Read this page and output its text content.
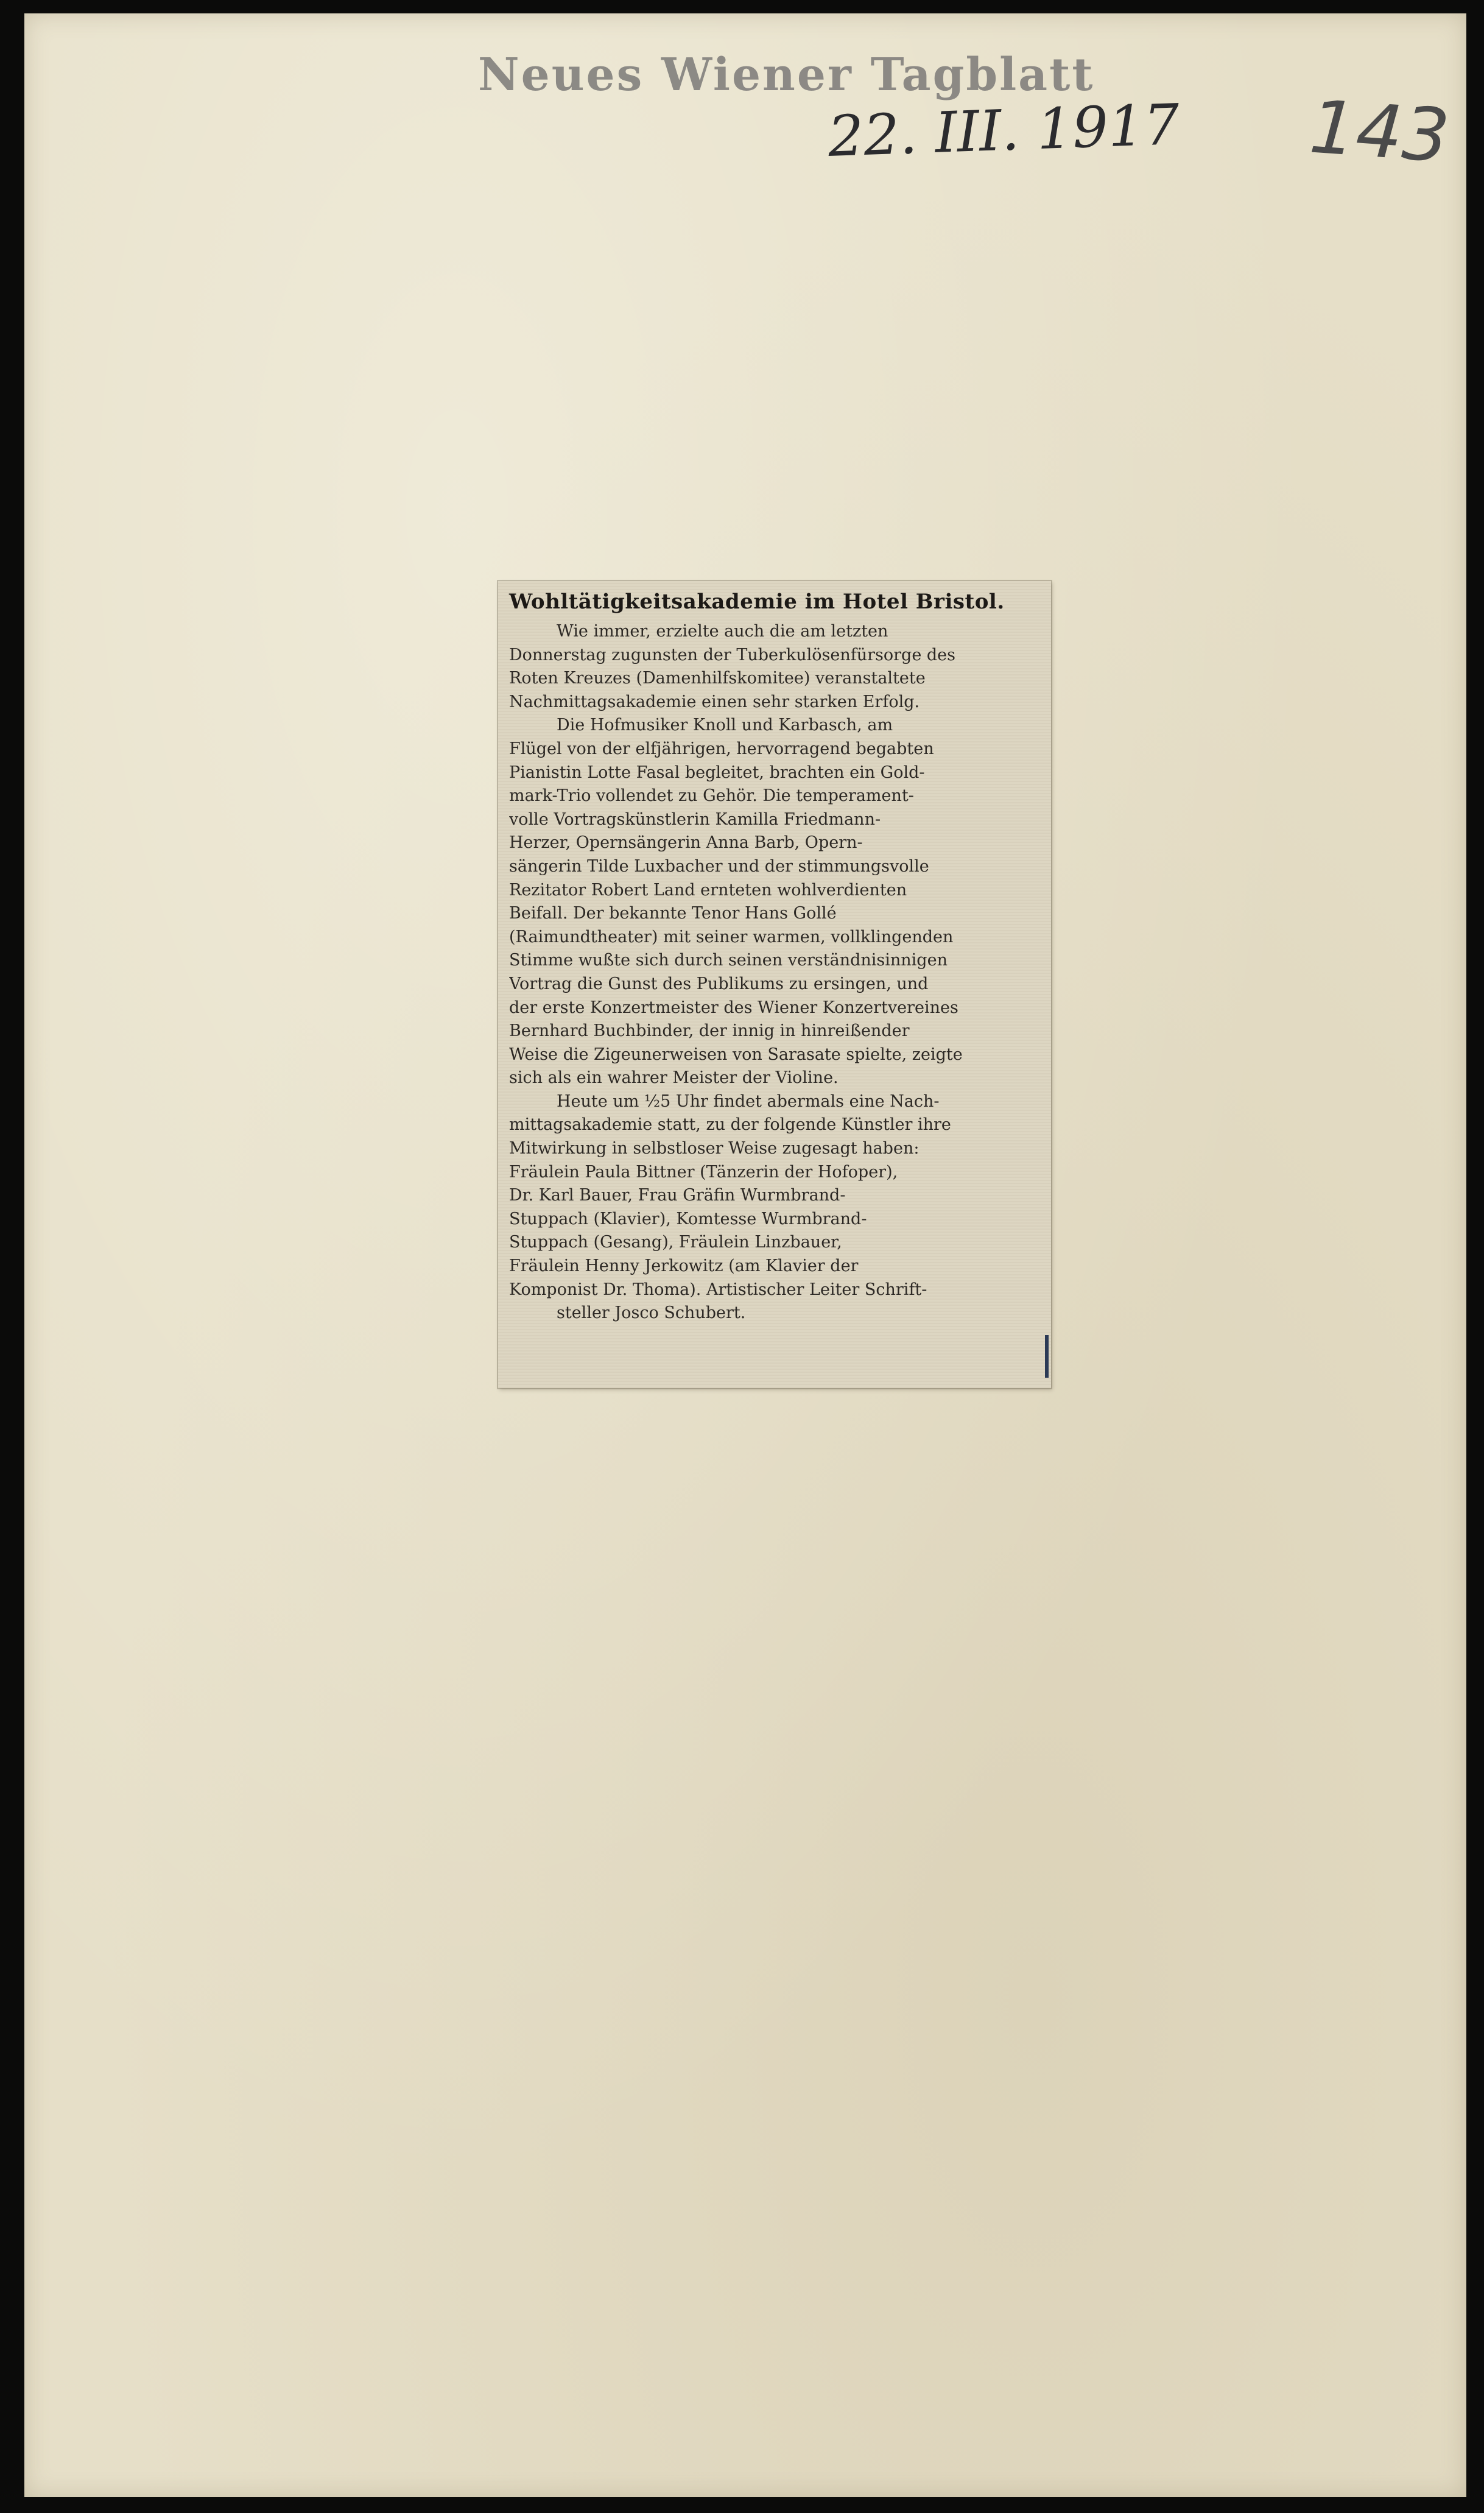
Neues Wiener Tagblatt
22. III. 1917 143
Wohltätigkeitsakademie im Hotel Bristol.
Wie immer, erzielte auch die am letzten
Donnerstag zugunsten der Tuberkulösenfürsorge des
Roten Kreuzes (Damenhilfskomitee) veranstaltete
Nachmittagsakademie einen sehr starken Erfolg.
Die Hofmusiker Knoll und Karbasch, am
Flügel von der elfjährigen, hervorragend begabten
Pianistin Lotte Fasal begleitet, brachten ein Gold-
mark-Trio vollendet zu Gehör. Die temperament-
volle Vortragskünstlerin Kamilla Friedmann-
Herzer, Opernsängerin Anna Barb, Opern-
sängerin Tilde Luxbacher und der stimmungsvolle
Rezitator Robert Land ernteten wohlverdienten
Beifall. Der bekannte Tenor Hans Gollé
(Raimundtheater) mit seiner warmen, vollklingenden
Stimme wußte sich durch seinen verständnisinnigen
Vortrag die Gunst des Publikums zu ersingen, und
der erste Konzertmeister des Wiener Konzertvereines
Bernhard Buchbinder, der innig in hinreißender
Weise die Zigeunerweisen von Sarasate spielte, zeigte
sich als ein wahrer Meister der Violine.
Heute um ½5 Uhr findet abermals eine Nach-
mittagsakademie statt, zu der folgende Künstler ihre
Mitwirkung in selbstloser Weise zugesagt haben:
Fräulein Paula Bittner (Tänzerin der Hofoper),
Dr. Karl Bauer, Frau Gräfin Wurmbrand-
Stuppach (Klavier), Komtesse Wurmbrand-
Stuppach (Gesang), Fräulein Linzbauer,
Fräulein Henny Jerkowitz (am Klavier der
Komponist Dr. Thoma). Artistischer Leiter Schrift-
steller Josco Schubert.
